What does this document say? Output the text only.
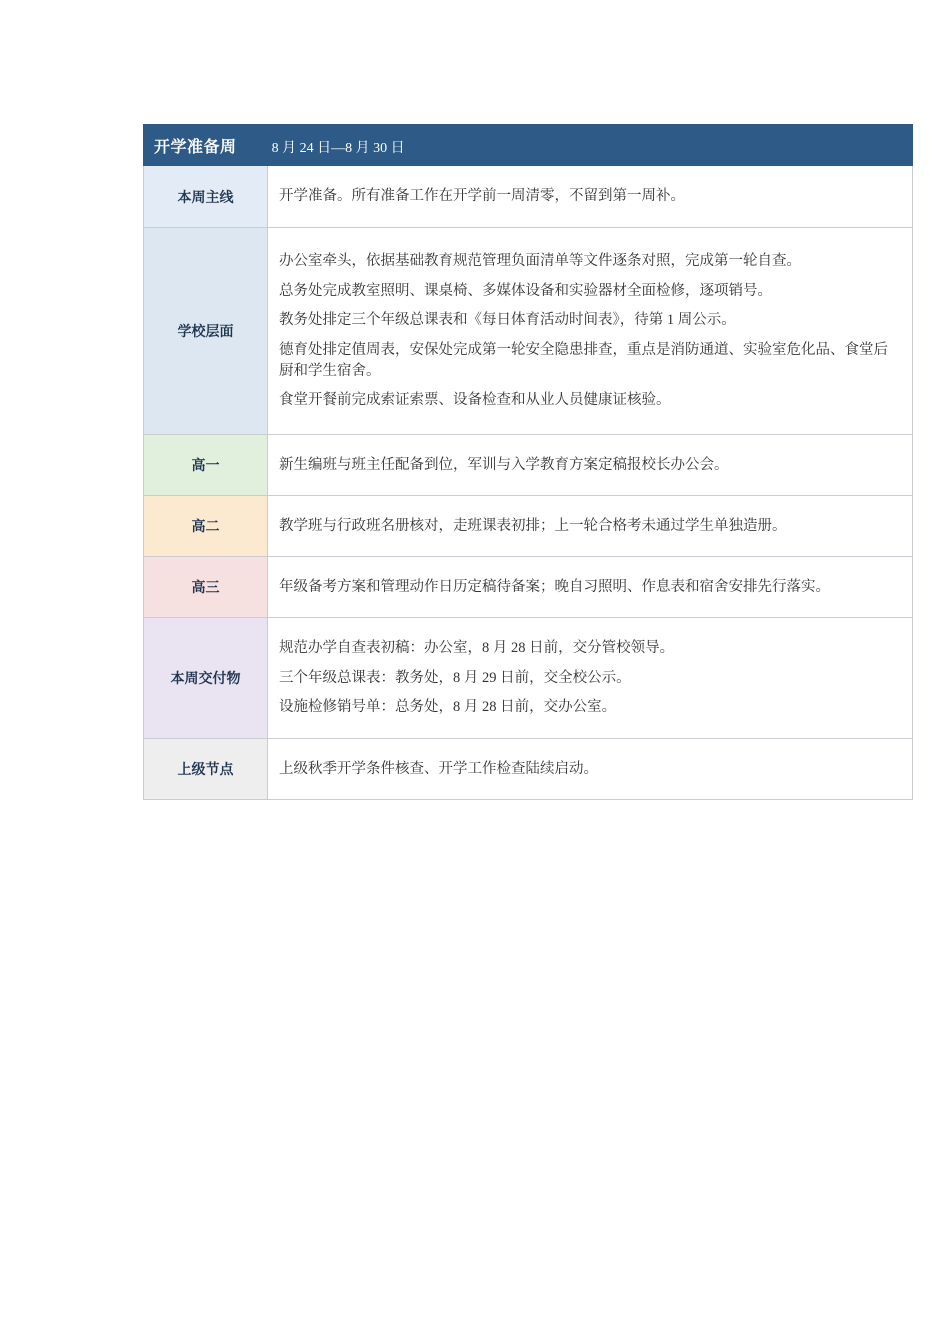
开学准备周 8 月 24 日—8 月 30 日	
本周主线	开学准备。所有准备工作在开学前一周清零，不留到第一周补。

学校层面	办公室牵头，依据基础教育规范管理负面清单等文件逐条对照，完成第一轮自查。
总务处完成教室照明、课桌椅、多媒体设备和实验器材全面检修，逐项销号。
教务处排定三个年级总课表和《每日体育活动时间表》，待第 1 周公示。
德育处排定值周表，安保处完成第一轮安全隐患排查，重点是消防通道、实验室危化品、食堂后厨和学生宿舍。
食堂开餐前完成索证索票、设备检查和从业人员健康证核验。

高一	新生编班与班主任配备到位，军训与入学教育方案定稿报校长办公会。

高二	教学班与行政班名册核对，走班课表初排；上一轮合格考未通过学生单独造册。

高三	年级备考方案和管理动作日历定稿待备案；晚自习照明、作息表和宿舍安排先行落实。

本周交付物	规范办学自查表初稿：办公室，8 月 28 日前，交分管校领导。
三个年级总课表：教务处，8 月 29 日前，交全校公示。
设施检修销号单：总务处，8 月 28 日前，交办公室。

上级节点	上级秋季开学条件核查、开学工作检查陆续启动。
